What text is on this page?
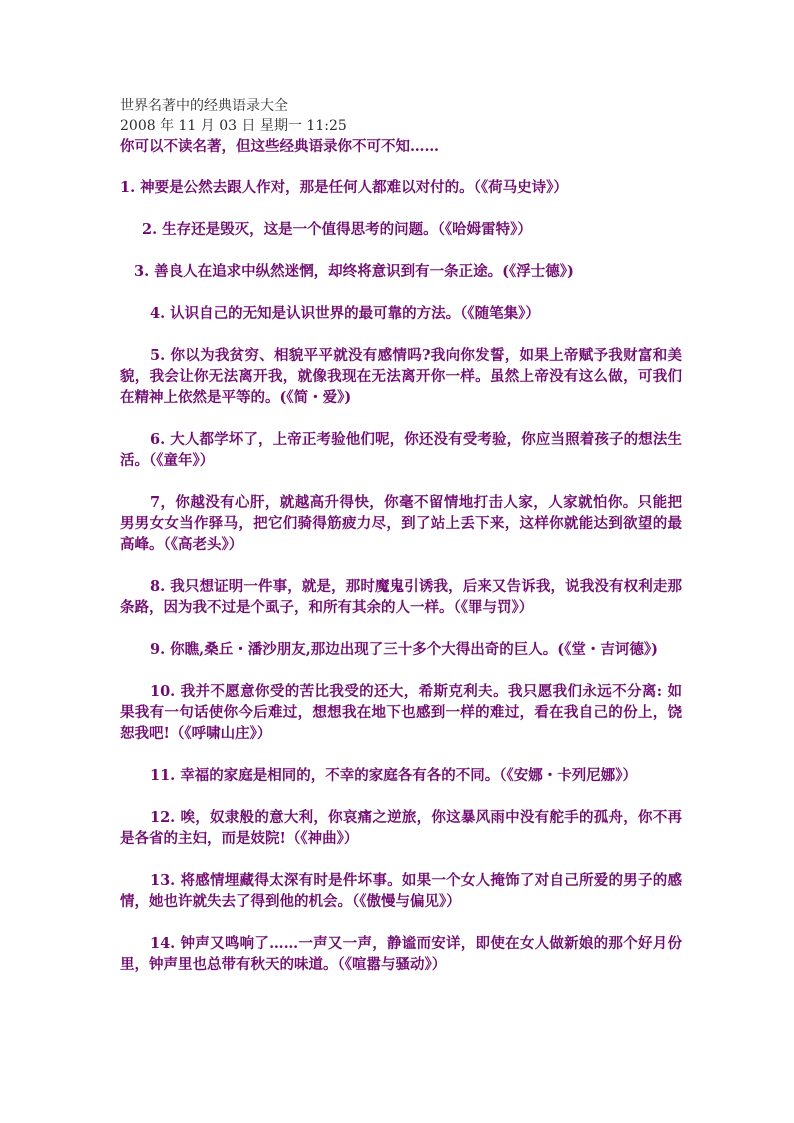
世界名著中的经典语录大全
2008 年 11 月 03 日 星期一 11:25
你可以不读名著，但这些经典语录你不可不知……
1. 神要是公然去跟人作对，那是任何人都难以对付的。（《荷马史诗》）
2. 生存还是毁灭，这是一个值得思考的问题。（《哈姆雷特》）
3. 善良人在追求中纵然迷惘，却终将意识到有一条正途。(《浮士德》)
4. 认识自己的无知是认识世界的最可靠的方法。（《随笔集》）
5. 你以为我贫穷、相貌平平就没有感情吗?我向你发誓，如果上帝赋予我财富和美貌，我会让你无法离开我，就像我现在无法离开你一样。虽然上帝没有这么做，可我们在精神上依然是平等的。(《简・爱》)
6. 大人都学坏了，上帝正考验他们呢，你还没有受考验，你应当照着孩子的想法生活。（《童年》）
7，你越没有心肝，就越高升得快，你毫不留情地打击人家，人家就怕你。只能把男男女女当作驿马，把它们骑得筋疲力尽，到了站上丢下来，这样你就能达到欲望的最高峰。（《高老头》）
8. 我只想证明一件事，就是，那时魔鬼引诱我，后来又告诉我，说我没有权利走那条路，因为我不过是个虱子，和所有其余的人一样。（《罪与罚》）
9. 你瞧,桑丘・潘沙朋友,那边出现了三十多个大得出奇的巨人。(《堂・吉诃德》)
10. 我并不愿意你受的苦比我受的还大，希斯克利夫。我只愿我们永远不分离: 如果我有一句话使你今后难过，想想我在地下也感到一样的难过，看在我自己的份上，饶恕我吧!（《呼啸山庄》）
11. 幸福的家庭是相同的，不幸的家庭各有各的不同。（《安娜・卡列尼娜》）
12. 唉，奴隶般的意大利，你哀痛之逆旅，你这暴风雨中没有舵手的孤舟，你不再是各省的主妇，而是妓院!（《神曲》）
13. 将感情埋藏得太深有时是件坏事。如果一个女人掩饰了对自己所爱的男子的感情，她也许就失去了得到他的机会。（《傲慢与偏见》）
14. 钟声又鸣响了……一声又一声，静谧而安详，即使在女人做新娘的那个好月份里，钟声里也总带有秋天的味道。（《喧嚣与骚动》）
